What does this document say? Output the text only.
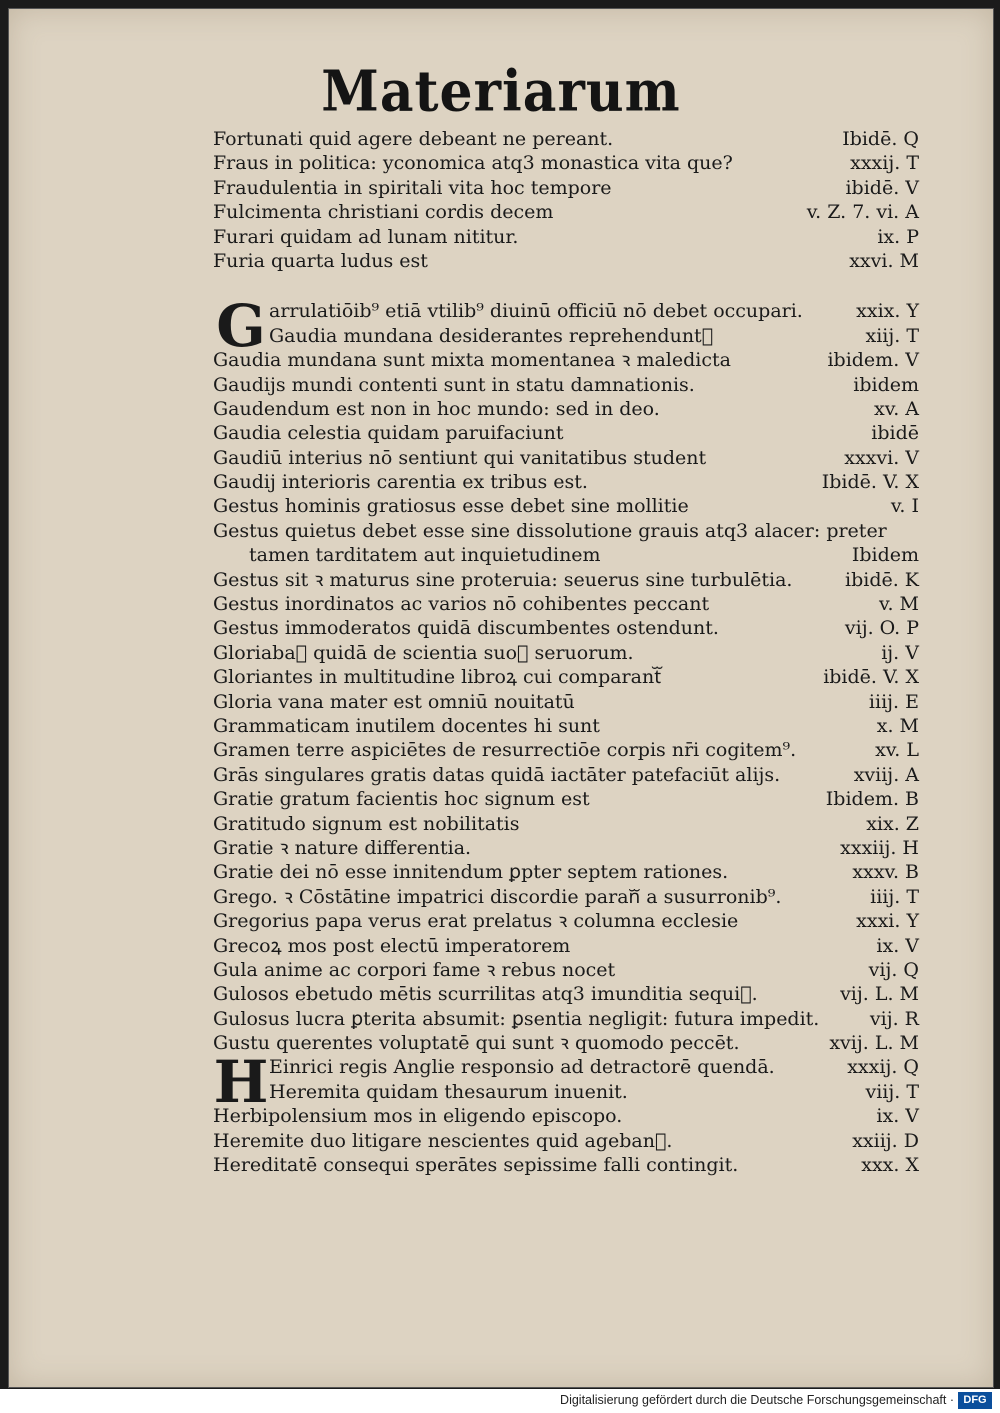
Materiarum
Fortunati quid agere debeant ne pereant.	Ibidē. Q
Fraus in politica: yconomica atq3 monastica vita que?	xxxij. T
Fraudulentia in spiritali vita hoc tempore	ibidē. V
Fulcimenta christiani cordis decem	v. Z. 7. vi. A
Furari quidam ad lunam nititur.	ix. P
Furia quarta ludus est	xxvi. M
G arrulatiōib⁹ etiā vtilib⁹ diuinū officiū nō debet occupari.	xxix. Y
Gaudia mundana desiderantes reprehenduntᷓ	xiij. T
Gaudia mundana sunt mixta momentanea ꝛ maledicta	ibidem. V
Gaudijs mundi contenti sunt in statu damnationis.	ibidem
Gaudendum est non in hoc mundo: sed in deo.	xv. A
Gaudia celestia quidam paruifaciunt	ibidē
Gaudiū interius nō sentiunt qui vanitatibus student	xxxvi. V
Gaudij interioris carentia ex tribus est.	Ibidē. V. X
Gestus hominis gratiosus esse debet sine mollitie	v. I
Gestus quietus debet esse sine dissolutione grauis atq3 alacer: preter
tamen tarditatem aut inquietudinem	Ibidem
Gestus sit ꝛ maturus sine proteruia: seuerus sine turbulētia.	ibidē. K
Gestus inordinatos ac varios nō cohibentes peccant	v. M
Gestus immoderatos quidā discumbentes ostendunt.	vij. O. P
Gloriabaᷓ quidā de scientia suoꝝ seruorum.	ij. V
Gloriantes in multitudine libroꝝ cui comparantᷓ	ibidē. V. X
Gloria vana mater est omniū nouitatū	iiij. E
Grammaticam inutilem docentes hi sunt	x. M
Gramen terre aspiciētes de resurrectiōe corpis nr̄i cogitem⁹.	xv. L
Grās singulares gratis datas quidā iactāter patefaciūt alijs.	xviij. A
Gratie gratum facientis hoc signum est	Ibidem. B
Gratitudo signum est nobilitatis	xix. Z
Gratie ꝛ nature differentia.	xxxiij. H
Gratie dei nō esse innitendum ꝑpter septem rationes.	xxxv. B
Grego. ꝛ Cōstātine impatrici discordie paranᷓ a susurronib⁹.	iiij. T
Gregorius papa verus erat prelatus ꝛ columna ecclesie	xxxi. Y
Grecoꝝ mos post electū imperatorem	ix. V
Gula anime ac corpori fame ꝛ rebus nocet	vij. Q
Gulosos ebetudo mētis scurrilitas atq3 imunditia sequiᷓ.	vij. L. M
Gulosus lucra ꝑterita absumit: ꝑsentia negligit: futura impedit.	vij. R
Gustu querentes voluptatē qui sunt ꝛ quomodo peccēt.	xvij. L. M
H Einrici regis Anglie responsio ad detractorē quendā.	xxxij. Q
Heremita quidam thesaurum inuenit.	viij. T
Herbipolensium mos in eligendo episcopo.	ix. V
Heremite duo litigare nescientes quid agebanᷓ.	xxiij. D
Hereditatē consequi sperātes sepissime falli contingit.	xxx. X
Digitalisierung gefördert durch die Deutsche Forschungsgemeinschaft · DFG
